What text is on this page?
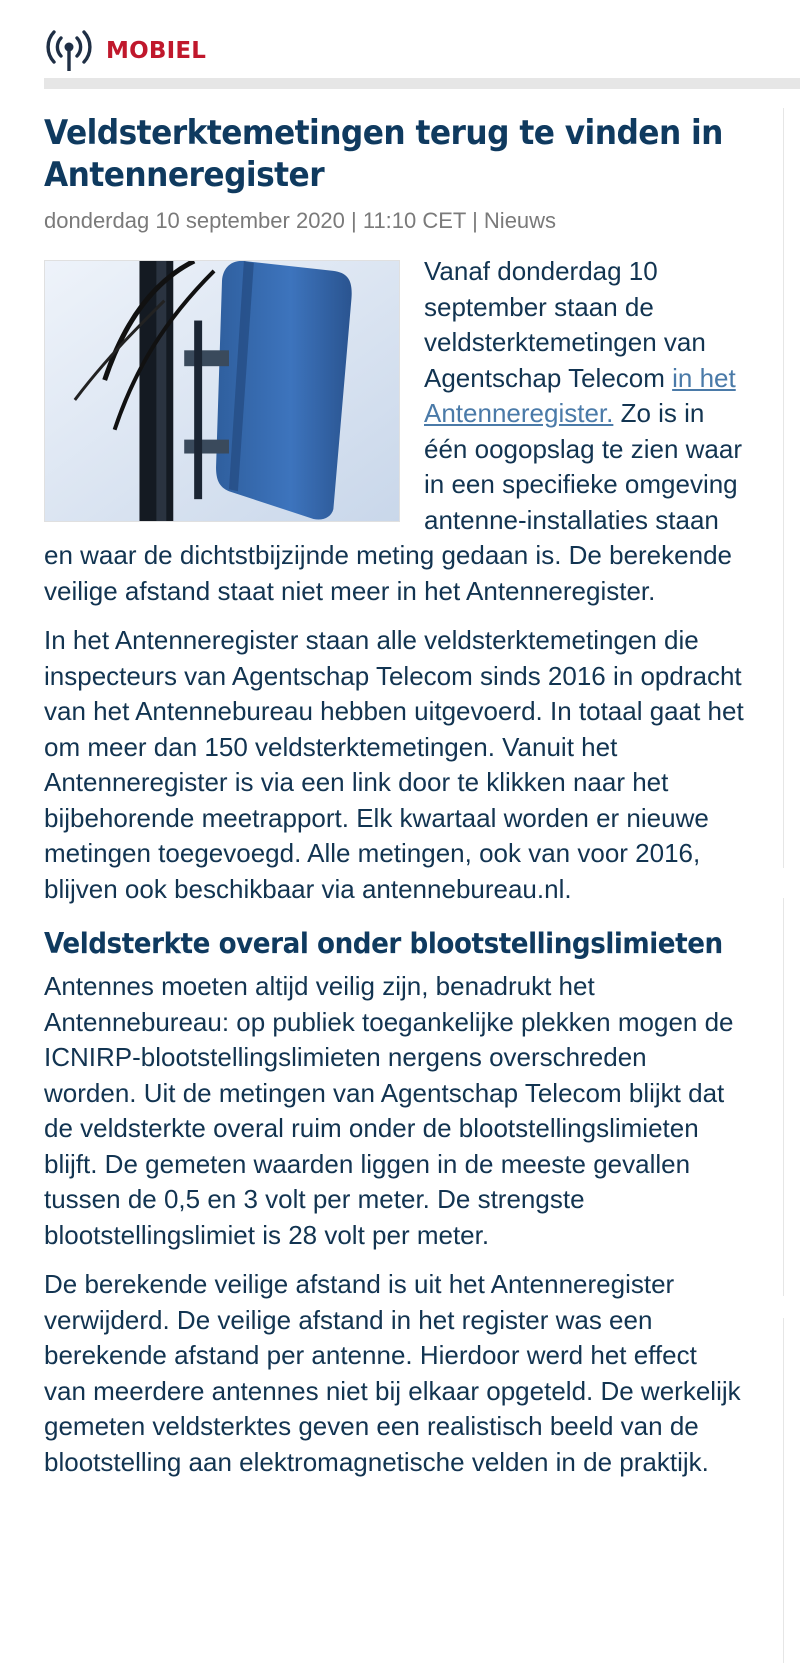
MOBIEL
Veldsterktemetingen terug te vinden in Antenneregister
donderdag 10 september 2020 | 11:10 CET | Nieuws

Vanaf donderdag 10 september staan de veldsterktemetingen van Agentschap Telecom in het Antenneregister. Zo is in één oogopslag te zien waar in een specifieke omgeving antenne-installaties staan en waar de dichtstbijzijnde meting gedaan is. De berekende veilige afstand staat niet meer in het Antenneregister.

In het Antenneregister staan alle veldsterktemetingen die inspecteurs van Agentschap Telecom sinds 2016 in opdracht van het Antennebureau hebben uitgevoerd. In totaal gaat het om meer dan 150 veldsterktemetingen. Vanuit het Antenneregister is via een link door te klikken naar het bijbehorende meetrapport. Elk kwartaal worden er nieuwe metingen toegevoegd. Alle metingen, ook van voor 2016, blijven ook beschikbaar via antennebureau.nl.

Veldsterkte overal onder blootstellingslimieten

Antennes moeten altijd veilig zijn, benadrukt het Antennebureau: op publiek toegankelijke plekken mogen de ICNIRP-blootstellingslimieten nergens overschreden worden. Uit de metingen van Agentschap Telecom blijkt dat de veldsterkte overal ruim onder de blootstellingslimieten blijft. De gemeten waarden liggen in de meeste gevallen tussen de 0,5 en 3 volt per meter. De strengste blootstellingslimiet is 28 volt per meter.

De berekende veilige afstand is uit het Antenneregister verwijderd. De veilige afstand in het register was een berekende afstand per antenne. Hierdoor werd het effect van meerdere antennes niet bij elkaar opgeteld. De werkelijk gemeten veldsterktes geven een realistisch beeld van de blootstelling aan elektromagnetische velden in de praktijk.
